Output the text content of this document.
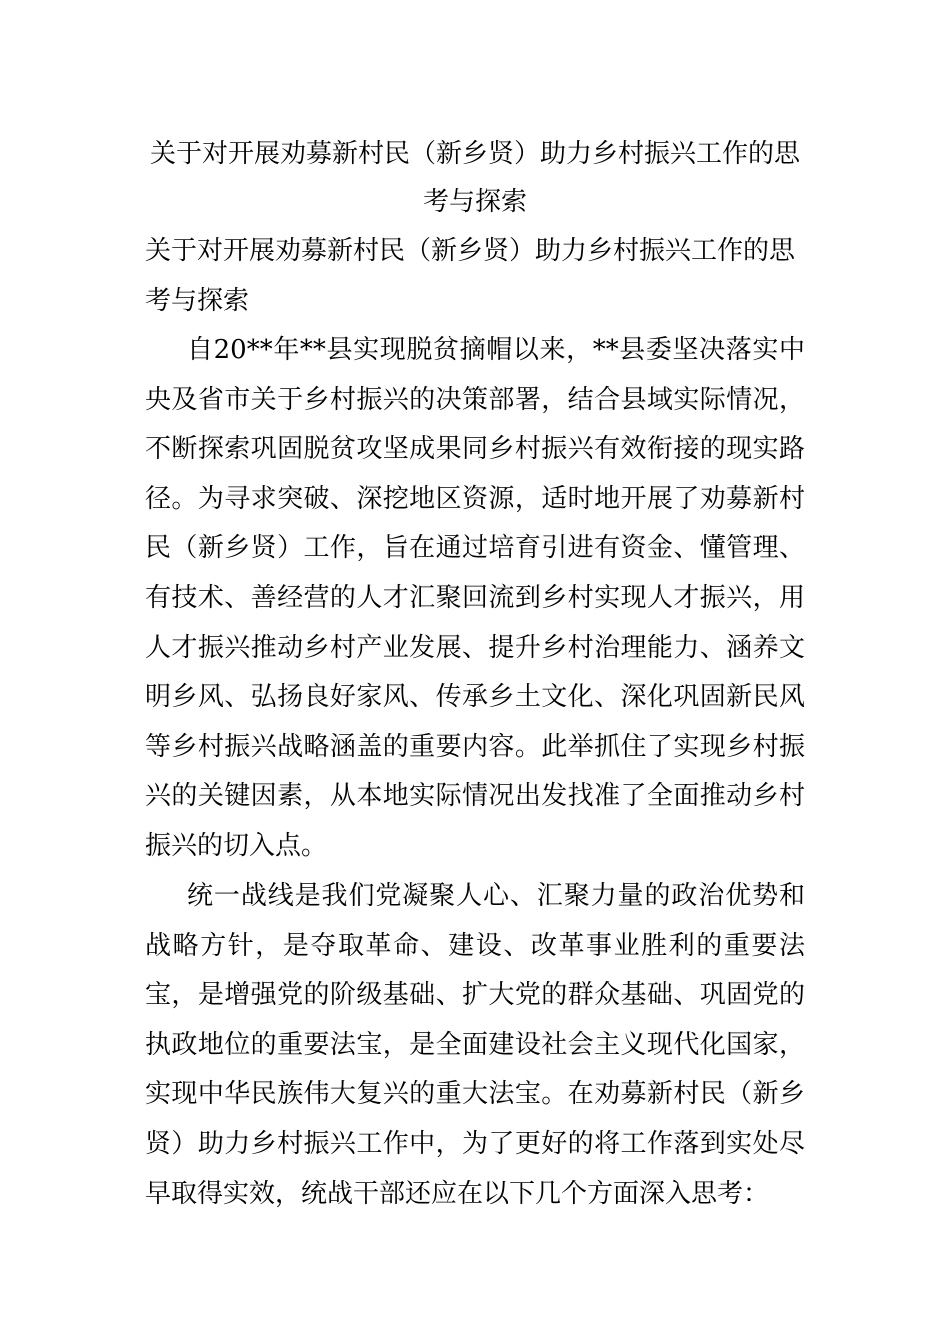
关于对开展劝募新村民（新乡贤）助力乡村振兴工作的思考与探索

关于对开展劝募新村民（新乡贤）助力乡村振兴工作的思考与探索

自20**年**县实现脱贫摘帽以来，**县委坚决落实中央及省市关于乡村振兴的决策部署，结合县域实际情况，不断探索巩固脱贫攻坚成果同乡村振兴有效衔接的现实路径。为寻求突破、深挖地区资源，适时地开展了劝募新村民（新乡贤）工作，旨在通过培育引进有资金、懂管理、有技术、善经营的人才汇聚回流到乡村实现人才振兴，用人才振兴推动乡村产业发展、提升乡村治理能力、涵养文明乡风、弘扬良好家风、传承乡土文化、深化巩固新民风等乡村振兴战略涵盖的重要内容。此举抓住了实现乡村振兴的关键因素，从本地实际情况出发找准了全面推动乡村振兴的切入点。

统一战线是我们党凝聚人心、汇聚力量的政治优势和战略方针，是夺取革命、建设、改革事业胜利的重要法宝，是增强党的阶级基础、扩大党的群众基础、巩固党的执政地位的重要法宝，是全面建设社会主义现代化国家，实现中华民族伟大复兴的重大法宝。在劝募新村民（新乡贤）助力乡村振兴工作中，为了更好的将工作落到实处尽早取得实效，统战干部还应在以下几个方面深入思考：
